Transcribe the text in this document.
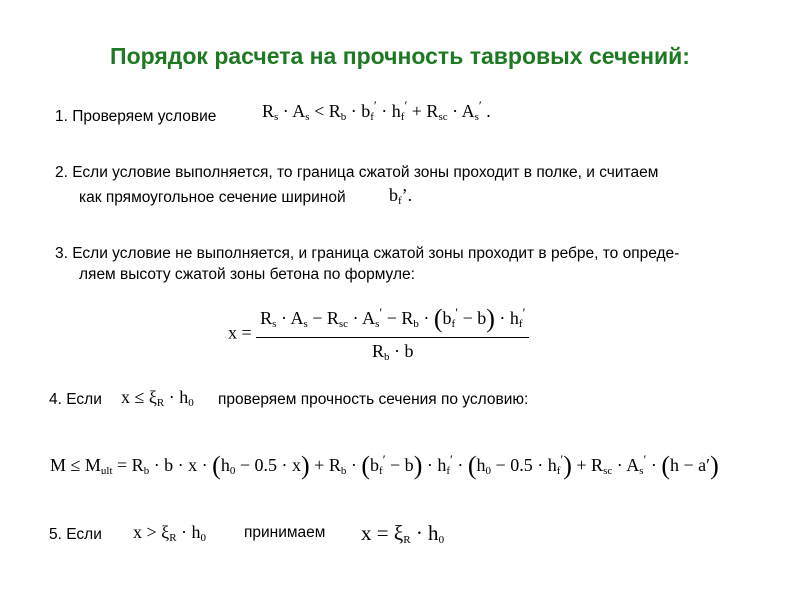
Порядок расчета на прочность тавровых сечений:
1. Проверяем условие	$R_s \cdot A_s < R_b \cdot b_f' \cdot h_f' + R_{sc} \cdot A_s'$ .
2. Если условие выполняется, то граница сжатой зоны проходит в полке, и считаем
как прямоугольное сечение шириной $b_f$’.
3. Если условие не выполняется, и граница сжатой зоны проходит в ребре, то опреде-
ляем высоту сжатой зоны бетона по формуле:
$x = \frac{R_s \cdot A_s - R_{sc} \cdot A_s' - R_b \cdot (b_f' - b) \cdot h_f'}{R_b \cdot b}$
4. Если $x \le \xi_R \cdot h_0$ проверяем прочность сечения по условию:
$M \le M_{ult} = R_b \cdot b \cdot x \cdot (h_0 - 0.5 \cdot x) + R_b \cdot (b_f' - b) \cdot h_f' \cdot (h_0 - 0.5 \cdot h_f') + R_{sc} \cdot A_s' \cdot (h - a')$
5. Если $x > \xi_R \cdot h_0$ принимаем $x = \xi_R \cdot h_0$
